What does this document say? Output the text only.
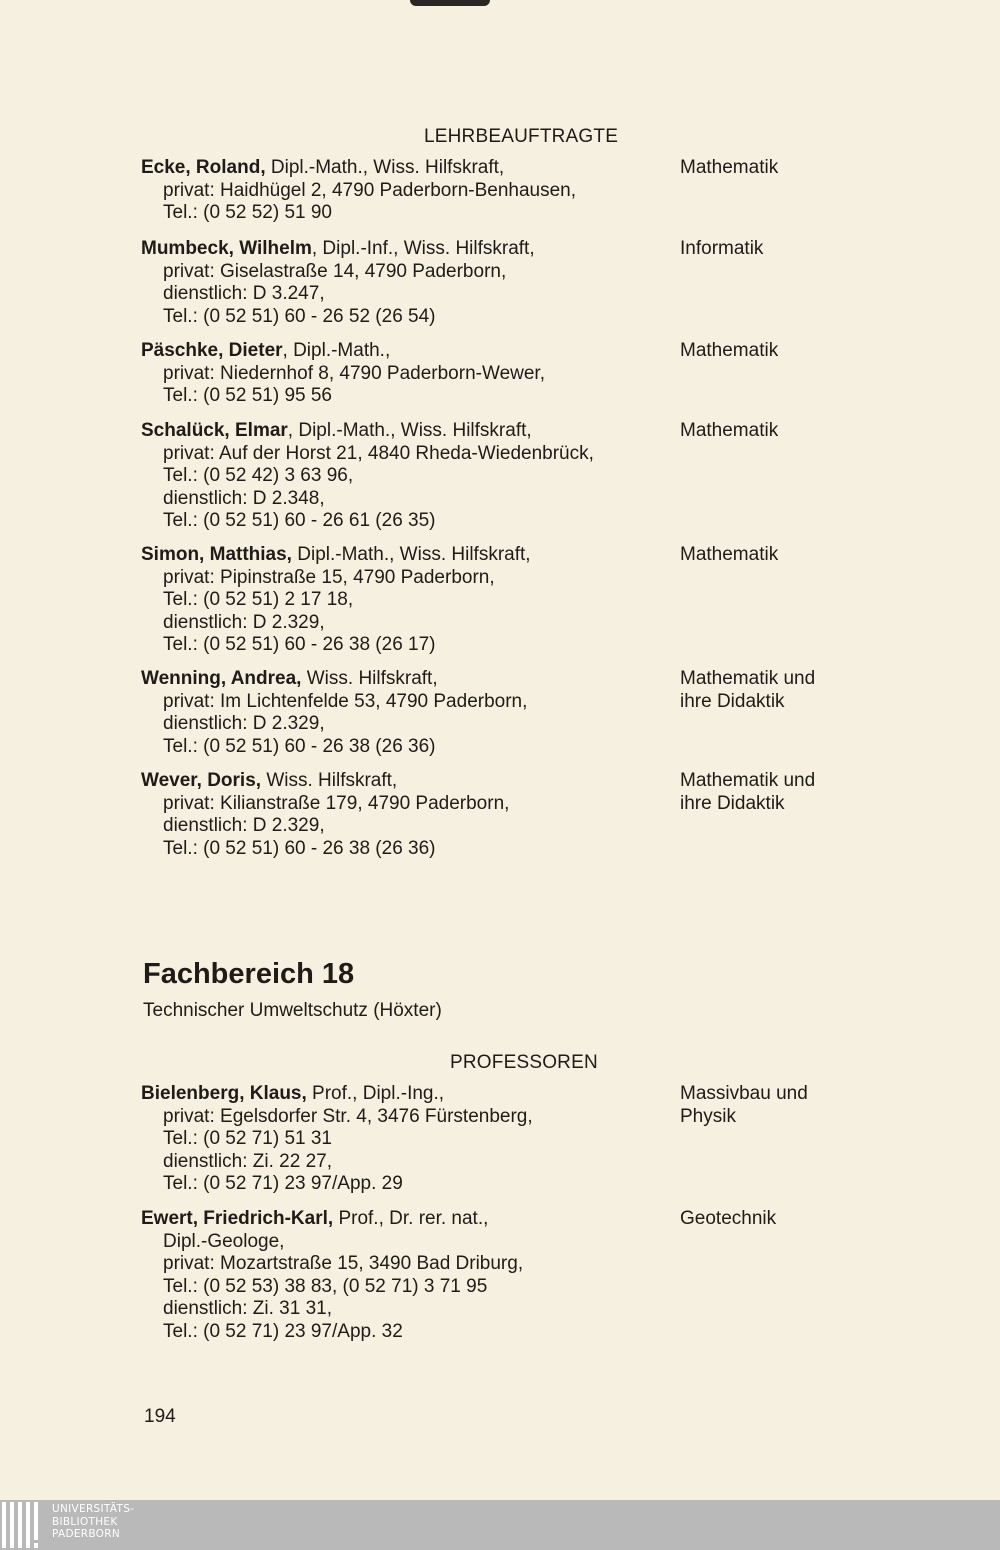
LEHRBEAUFTRAGTE
Ecke, Roland, Dipl.-Math., Wiss. Hilfskraft,
privat: Haidhügel 2, 4790 Paderborn-Benhausen,
Tel.: (0 52 52) 51 90
Mathematik
Mumbeck, Wilhelm, Dipl.-Inf., Wiss. Hilfskraft,
privat: Giselastraße 14, 4790 Paderborn,
dienstlich: D 3.247,
Tel.: (0 52 51) 60 - 26 52 (26 54)
Informatik
Päschke, Dieter, Dipl.-Math.,
privat: Niedernhof 8, 4790 Paderborn-Wewer,
Tel.: (0 52 51) 95 56
Mathematik
Schalück, Elmar, Dipl.-Math., Wiss. Hilfskraft,
privat: Auf der Horst 21, 4840 Rheda-Wiedenbrück,
Tel.: (0 52 42) 3 63 96,
dienstlich: D 2.348,
Tel.: (0 52 51) 60 - 26 61 (26 35)
Mathematik
Simon, Matthias, Dipl.-Math., Wiss. Hilfskraft,
privat: Pipinstraße 15, 4790 Paderborn,
Tel.: (0 52 51) 2 17 18,
dienstlich: D 2.329,
Tel.: (0 52 51) 60 - 26 38 (26 17)
Mathematik
Wenning, Andrea, Wiss. Hilfskraft,
privat: Im Lichtenfelde 53, 4790 Paderborn,
dienstlich: D 2.329,
Tel.: (0 52 51) 60 - 26 38 (26 36)
Mathematik und
ihre Didaktik
Wever, Doris, Wiss. Hilfskraft,
privat: Kilianstraße 179, 4790 Paderborn,
dienstlich: D 2.329,
Tel.: (0 52 51) 60 - 26 38 (26 36)
Mathematik und
ihre Didaktik
Fachbereich 18
Technischer Umweltschutz (Höxter)
PROFESSOREN
Bielenberg, Klaus, Prof., Dipl.-Ing.,
privat: Egelsdorfer Str. 4, 3476 Fürstenberg,
Tel.: (0 52 71) 51 31
dienstlich: Zi. 22 27,
Tel.: (0 52 71) 23 97/App. 29
Massivbau und
Physik
Ewert, Friedrich-Karl, Prof., Dr. rer. nat.,
Dipl.-Geologe,
privat: Mozartstraße 15, 3490 Bad Driburg,
Tel.: (0 52 53) 38 83, (0 52 71) 3 71 95
dienstlich: Zi. 31 31,
Tel.: (0 52 71) 23 97/App. 32
Geotechnik
194
UNIVERSITÄTS-
BIBLIOTHEK
PADERBORN
